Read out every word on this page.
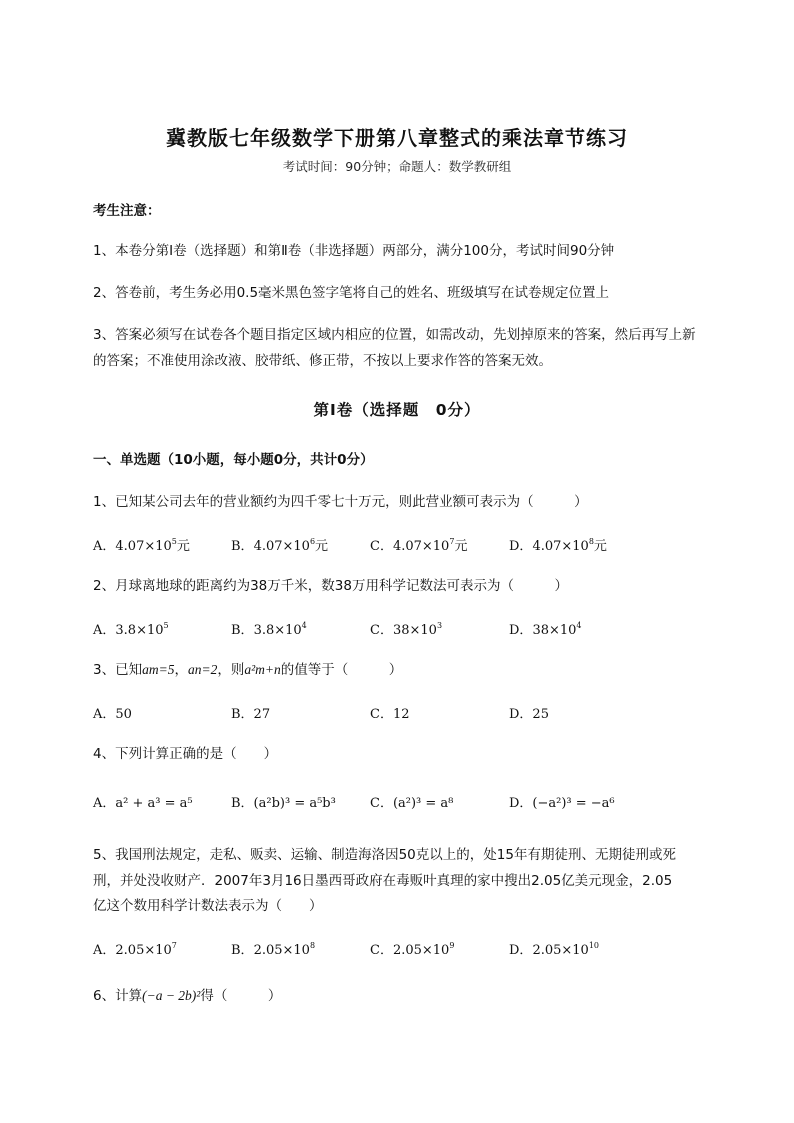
冀教版七年级数学下册第八章整式的乘法章节练习
考试时间：90分钟；命题人：数学教研组
考生注意：
1、本卷分第I卷（选择题）和第Ⅱ卷（非选择题）两部分，满分100分，考试时间90分钟
2、答卷前，考生务必用0.5毫米黑色签字笔将自己的姓名、班级填写在试卷规定位置上
3、答案必须写在试卷各个题目指定区域内相应的位置，如需改动，先划掉原来的答案，然后再写上新
的答案；不准使用涂改液、胶带纸、修正带，不按以上要求作答的答案无效。
第I卷（选择题　0分）
一、单选题（10小题，每小题0分，共计0分）
1、已知某公司去年的营业额约为四千零七十万元，则此营业额可表示为（　　　）
A．$4.07\times 10^5$元	B．$4.07\times 10^6$元	C．$4.07\times 10^7$元	D．$4.07\times 10^8$元
2、月球离地球的距离约为38万千米，数38万用科学记数法可表示为（　　　）
A．$3.8\times 10^5$	B．$3.8\times 10^4$	C．$38\times 10^3$	D．$38\times 10^4$
3、已知am=5，an=2，则a²m+n的值等于（　　　）
A．50	B．27	C．12	D．25
4、下列计算正确的是（　　）
A．a² + a³ = a⁵	B．(a²b)³ = a⁵b³	C．(a²)³ = a⁸	D．(−a²)³ = −a⁶
5、我国刑法规定，走私、贩卖、运输、制造海洛因50克以上的，处15年有期徒刑、无期徒刑或死
刑，并处没收财产．2007年3月16日墨西哥政府在毒贩叶真理的家中搜出2.05亿美元现金，2.05
亿这个数用科学计数法表示为（　　）
A．$2.05\times 10^7$	B．$2.05\times 10^8$	C．$2.05\times 10^9$	D．$2.05\times 10^{10}$
6、计算(−a − 2b)²得（　　　）
